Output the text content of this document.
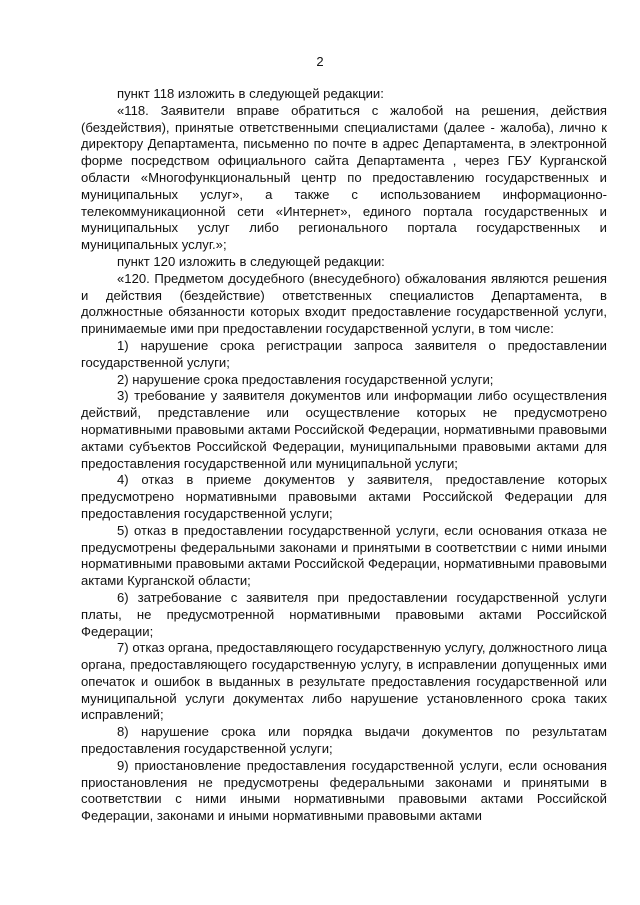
2

пункт 118 изложить в следующей редакции:

«118. Заявители вправе обратиться с жалобой на решения, действия (бездействия), принятые ответственными специалистами (далее - жалоба), лично к директору Департамента, письменно по почте в адрес Департамента, в электронной форме посредством официального сайта Департамента , через ГБУ Курганской области «Многофункциональный центр по предоставлению государственных и муниципальных услуг», а также с использованием информационно-телекоммуникационной сети «Интернет», единого портала государственных и муниципальных услуг либо регионального портала государственных и муниципальных услуг.»;

пункт 120 изложить в следующей редакции:

«120. Предметом досудебного (внесудебного) обжалования являются решения и действия (бездействие) ответственных специалистов Департамента, в должностные обязанности которых входит предоставление государственной услуги, принимаемые ими при предоставлении государственной услуги, в том числе:

1) нарушение срока регистрации запроса заявителя о предоставлении государственной услуги;

2) нарушение срока предоставления государственной услуги;

3) требование у заявителя документов или информации либо осуществления действий, представление или осуществление которых не предусмотрено нормативными правовыми актами Российской Федерации, нормативными правовыми актами субъектов Российской Федерации, муниципальными правовыми актами для предоставления государственной или муниципальной услуги;

4) отказ в приеме документов у заявителя, предоставление которых предусмотрено нормативными правовыми актами Российской Федерации для предоставления государственной услуги;

5) отказ в предоставлении государственной услуги, если основания отказа не предусмотрены федеральными законами и принятыми в соответствии с ними иными нормативными правовыми актами Российской Федерации, нормативными правовыми актами Курганской области;

6) затребование с заявителя при предоставлении государственной услуги платы, не предусмотренной нормативными правовыми актами Российской Федерации;

7) отказ органа, предоставляющего государственную услугу, должностного лица органа, предоставляющего государственную услугу, в исправлении допущенных ими опечаток и ошибок в выданных в результате предоставления государственной или муниципальной услуги документах либо нарушение установленного срока таких исправлений;

8) нарушение срока или порядка выдачи документов по результатам предоставления государственной услуги;

9) приостановление предоставления государственной услуги, если основания приостановления не предусмотрены федеральными законами и принятыми в соответствии с ними иными нормативными правовыми актами Российской Федерации, законами и иными нормативными правовыми актами
